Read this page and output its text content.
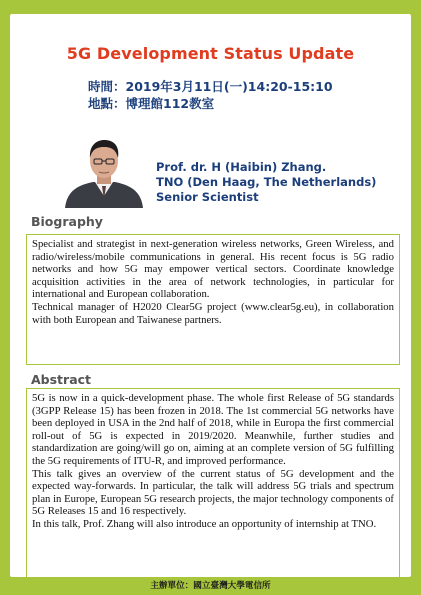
5G Development Status Update
時間：2019年3月11日(一)14:20-15:10
地點：博理館112教室
Prof. dr. H (Haibin) Zhang.
TNO (Den Haag, The Netherlands)
Senior Scientist
Biography

Specialist and strategist in next-generation wireless networks, Green Wireless, and radio/wireless/mobile communications in general. His recent focus is 5G radio networks and how 5G may empower vertical sectors. Coordinate knowledge acquisition activities in the area of network technologies, in particular for international and European collaboration.

Technical manager of H2020 Clear5G project (www.clear5g.eu), in collaboration with both European and Taiwanese partners.

Abstract

5G is now in a quick-development phase. The whole first Release of 5G standards (3GPP Release 15) has been frozen in 2018. The 1st commercial 5G networks have been deployed in USA in the 2nd half of 2018, while in Europa the first commercial roll-out of 5G is expected in 2019/2020. Meanwhile, further studies and standardization are going/will go on, aiming at an complete version of 5G fulfilling the 5G requirements of ITU-R, and improved performance.

This talk gives an overview of the current status of 5G development and the expected way-forwards. In particular, the talk will address 5G trials and spectrum plan in Europe, European 5G research projects, the major technology components of 5G Releases 15 and 16 respectively.

In this talk, Prof. Zhang will also introduce an opportunity of internship at TNO.

主辦單位：國立臺灣大學電信所
